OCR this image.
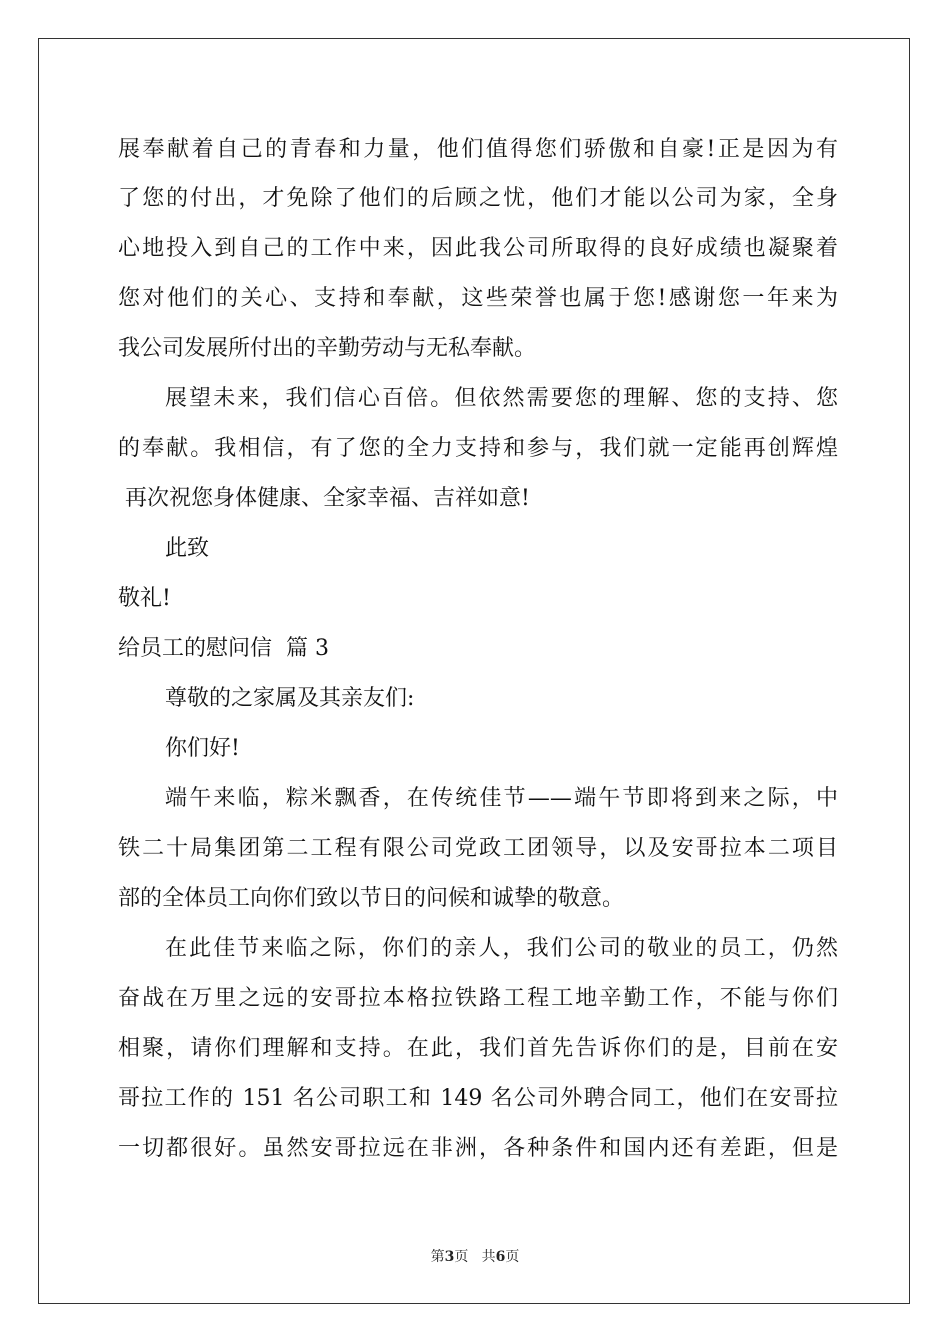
展奉献着自己的青春和力量，他们值得您们骄傲和自豪!正是因为有
了您的付出，才免除了他们的后顾之忧，他们才能以公司为家，全身
心地投入到自己的工作中来，因此我公司所取得的良好成绩也凝聚着
您对他们的关心、支持和奉献，这些荣誉也属于您!感谢您一年来为
我公司发展所付出的辛勤劳动与无私奉献。
展望未来，我们信心百倍。但依然需要您的理解、您的支持、您
的奉献。我相信，有了您的全力支持和参与，我们就一定能再创辉煌
再次祝您身体健康、全家幸福、吉祥如意!
此致
敬礼!
给员工的慰问信  篇 3
尊敬的之家属及其亲友们:
你们好!
端午来临，粽米飘香，在传统佳节——端午节即将到来之际，中
铁二十局集团第二工程有限公司党政工团领导，以及安哥拉本二项目
部的全体员工向你们致以节日的问候和诚挚的敬意。
在此佳节来临之际，你们的亲人，我们公司的敬业的员工，仍然
奋战在万里之远的安哥拉本格拉铁路工程工地辛勤工作，不能与你们
相聚，请你们理解和支持。在此，我们首先告诉你们的是，目前在安
哥拉工作的 151 名公司职工和 149 名公司外聘合同工，他们在安哥拉
一切都很好。虽然安哥拉远在非洲，各种条件和国内还有差距，但是
第3页   共6页
